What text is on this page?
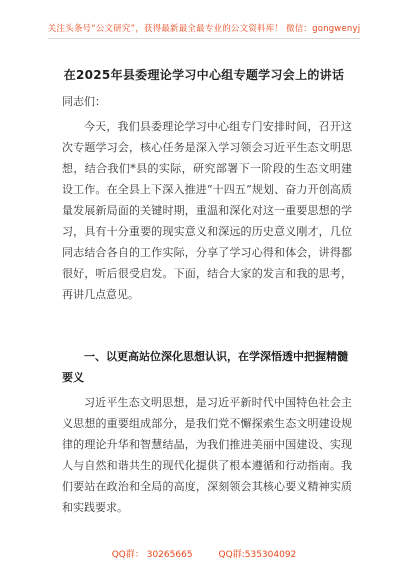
关注头条号“公文研究”，获得最新最全最专业的公文资料库！ 微信：gongwenyj
在2025年县委理论学习中心组专题学习会上的讲话
同志们：
今天，我们县委理论学习中心组专门安排时间，召开这次专题学习会，核心任务是深入学习领会习近平生态文明思想，结合我们*县的实际，研究部署下一阶段的生态文明建设工作。在全县上下深入推进“十四五”规划、奋力开创高质量发展新局面的关键时期，重温和深化对这一重要思想的学习，具有十分重要的现实意义和深远的历史意义刚才，几位同志结合各自的工作实际，分享了学习心得和体会，讲得都很好，听后很受启发。下面，结合大家的发言和我的思考，再讲几点意见。
一、以更高站位深化思想认识，在学深悟透中把握精髓要义
习近平生态文明思想，是习近平新时代中国特色社会主义思想的重要组成部分，是我们党不懈探索生态文明建设规律的理论升华和智慧结晶，为我们推进美丽中国建设、实现人与自然和谐共生的现代化提供了根本遵循和行动指南。我们要站在政治和全局的高度，深刻领会其核心要义精神实质和实践要求。
QQ群： 30265665	QQ群:535304092
